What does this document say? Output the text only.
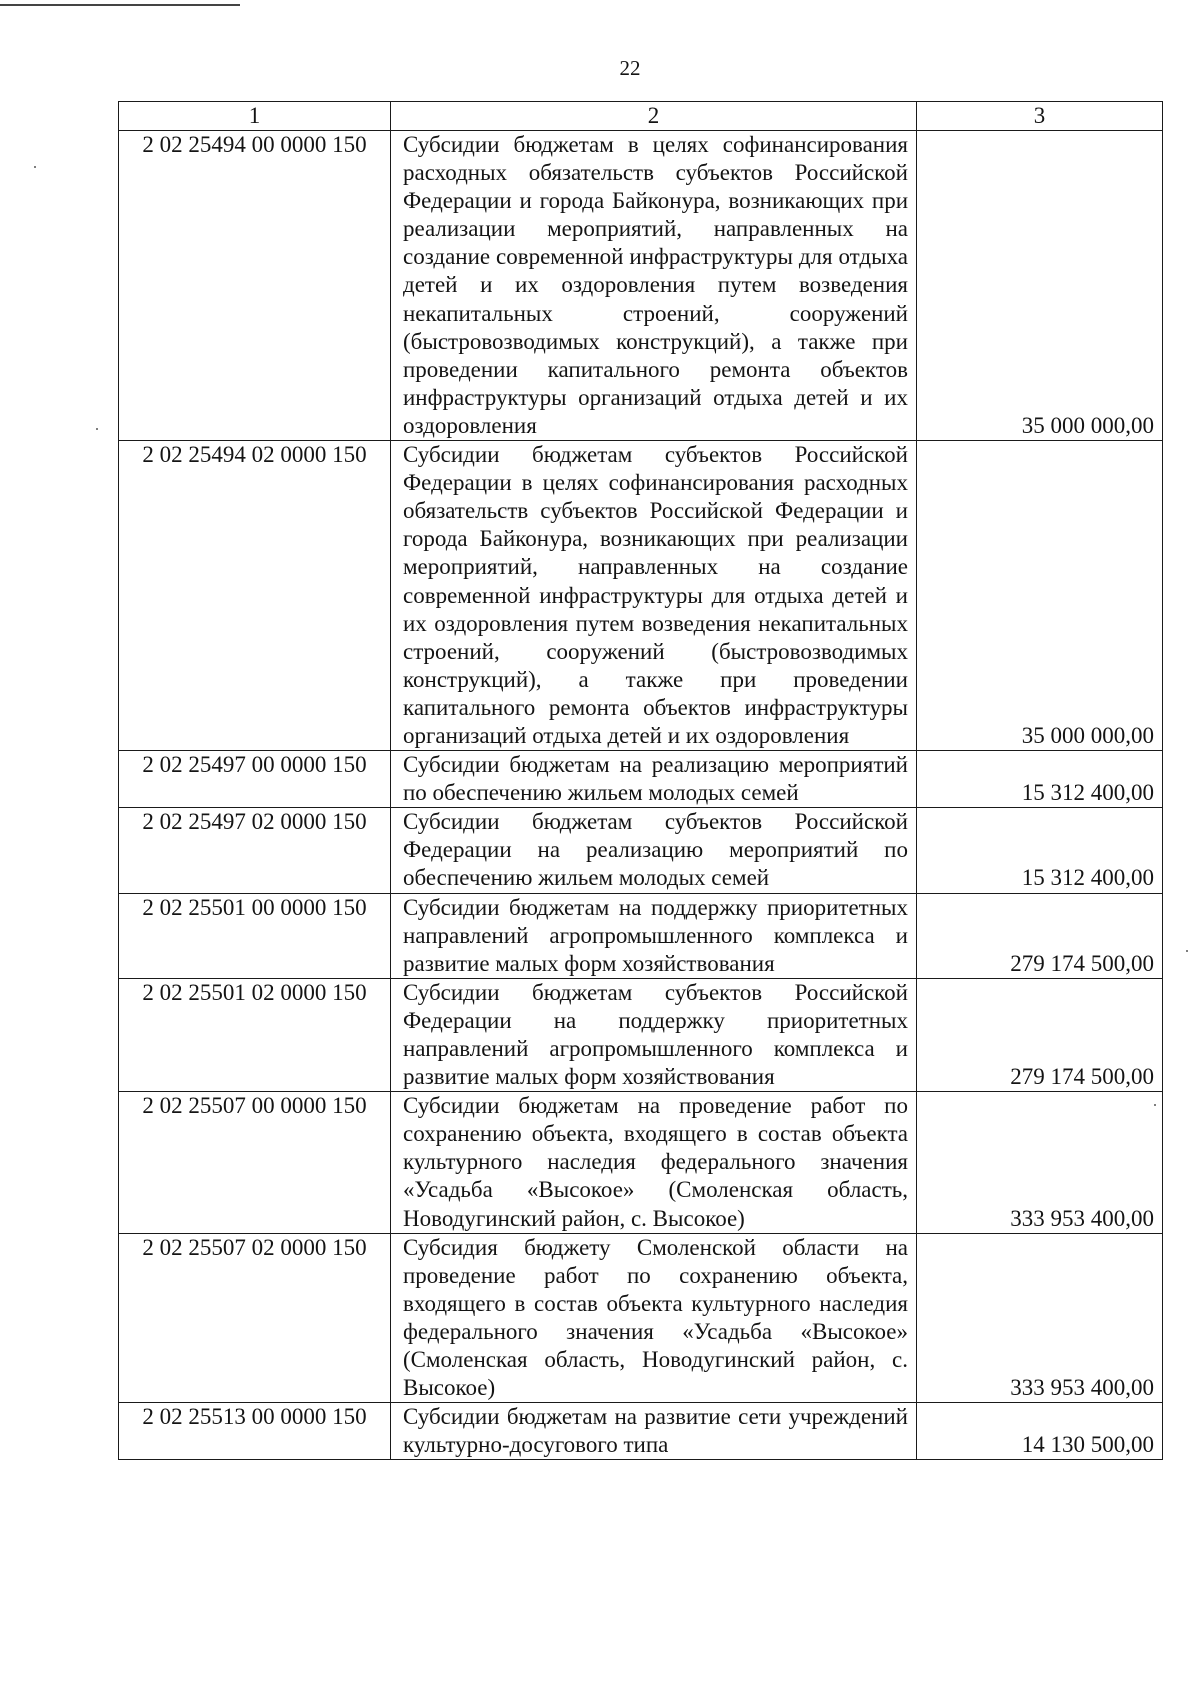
22
1	2	3
2 02 25494 00 0000 150	Субсидии бюджетам в целях софинансирования расходных обязательств субъектов Российской Федерации и города Байконура, возникающих при реализации мероприятий, направленных на создание современной инфраструктуры для отдыха детей и их оздоровления путем возведения некапитальных строений, сооружений (быстровозводимых конструкций), а также при проведении капитального ремонта объектов инфраструктуры организаций отдыха детей и их оздоровления	35 000 000,00
2 02 25494 02 0000 150	Субсидии бюджетам субъектов Российской Федерации в целях софинансирования расходных обязательств субъектов Российской Федерации и города Байконура, возникающих при реализации мероприятий, направленных на создание современной инфраструктуры для отдыха детей и их оздоровления путем возведения некапитальных строений, сооружений (быстровозводимых конструкций), а также при проведении капитального ремонта объектов инфраструктуры организаций отдыха детей и их оздоровления	35 000 000,00
2 02 25497 00 0000 150	Субсидии бюджетам на реализацию мероприятий по обеспечению жильем молодых семей	15 312 400,00
2 02 25497 02 0000 150	Субсидии бюджетам субъектов Российской Федерации на реализацию мероприятий по обеспечению жильем молодых семей	15 312 400,00
2 02 25501 00 0000 150	Субсидии бюджетам на поддержку приоритетных направлений агропромышленного комплекса и развитие малых форм хозяйствования	279 174 500,00
2 02 25501 02 0000 150	Субсидии бюджетам субъектов Российской Федерации на поддержку приоритетных направлений агропромышленного комплекса и развитие малых форм хозяйствования	279 174 500,00
2 02 25507 00 0000 150	Субсидии бюджетам на проведение работ по сохранению объекта, входящего в состав объекта культурного наследия федерального значения «Усадьба «Высокое» (Смоленская область, Новодугинский район, с. Высокое)	333 953 400,00
2 02 25507 02 0000 150	Субсидия бюджету Смоленской области на проведение работ по сохранению объекта, входящего в состав объекта культурного наследия федерального значения «Усадьба «Высокое» (Смоленская область, Новодугинский район, с. Высокое)	333 953 400,00
2 02 25513 00 0000 150	Субсидии бюджетам на развитие сети учреждений культурно-досугового типа	14 130 500,00
